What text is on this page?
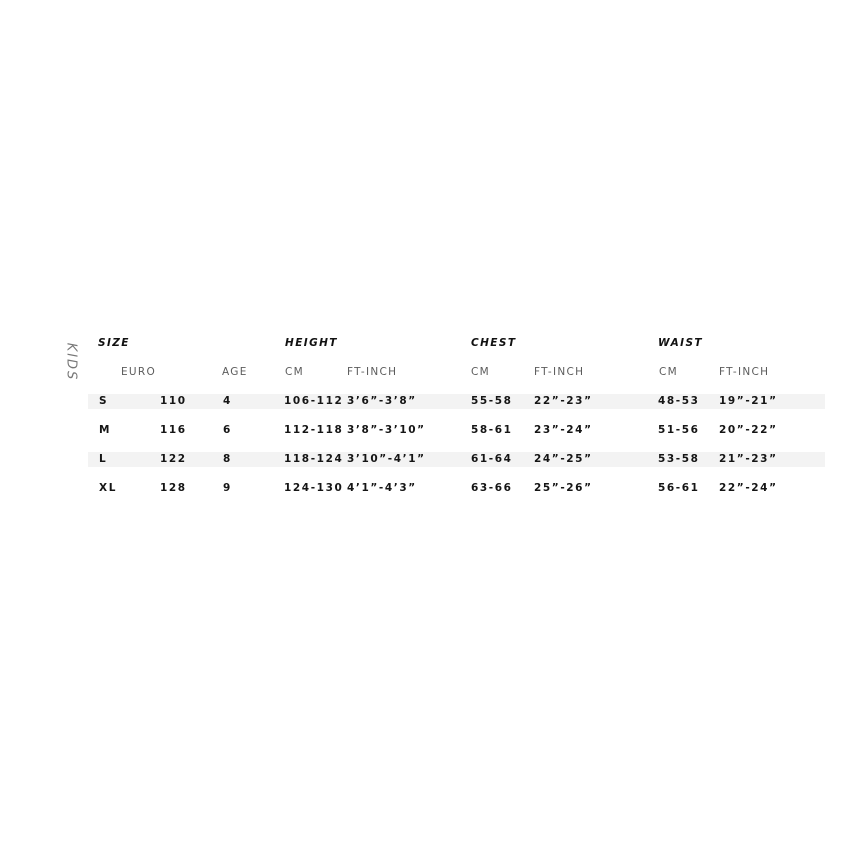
KIDS SIZE	HEIGHT	CHEST	WAIST
EURO	AGE	CM	FT-INCH	CM	FT-INCH	CM	FT-INCH
S	110	4	106-112 3’6”-3’8”	55-58 22”-23”	48-53 19”-21”
M	116	6	112-118 3’8”-3’10”	58-61 23”-24”	51-56 20”-22”
L	122	8	118-124 3’10”-4’1”	61-64 24”-25”	53-58 21”-23”
XL	128	9	124-130 4’1”-4’3”	63-66 25”-26”	56-61 22”-24”
